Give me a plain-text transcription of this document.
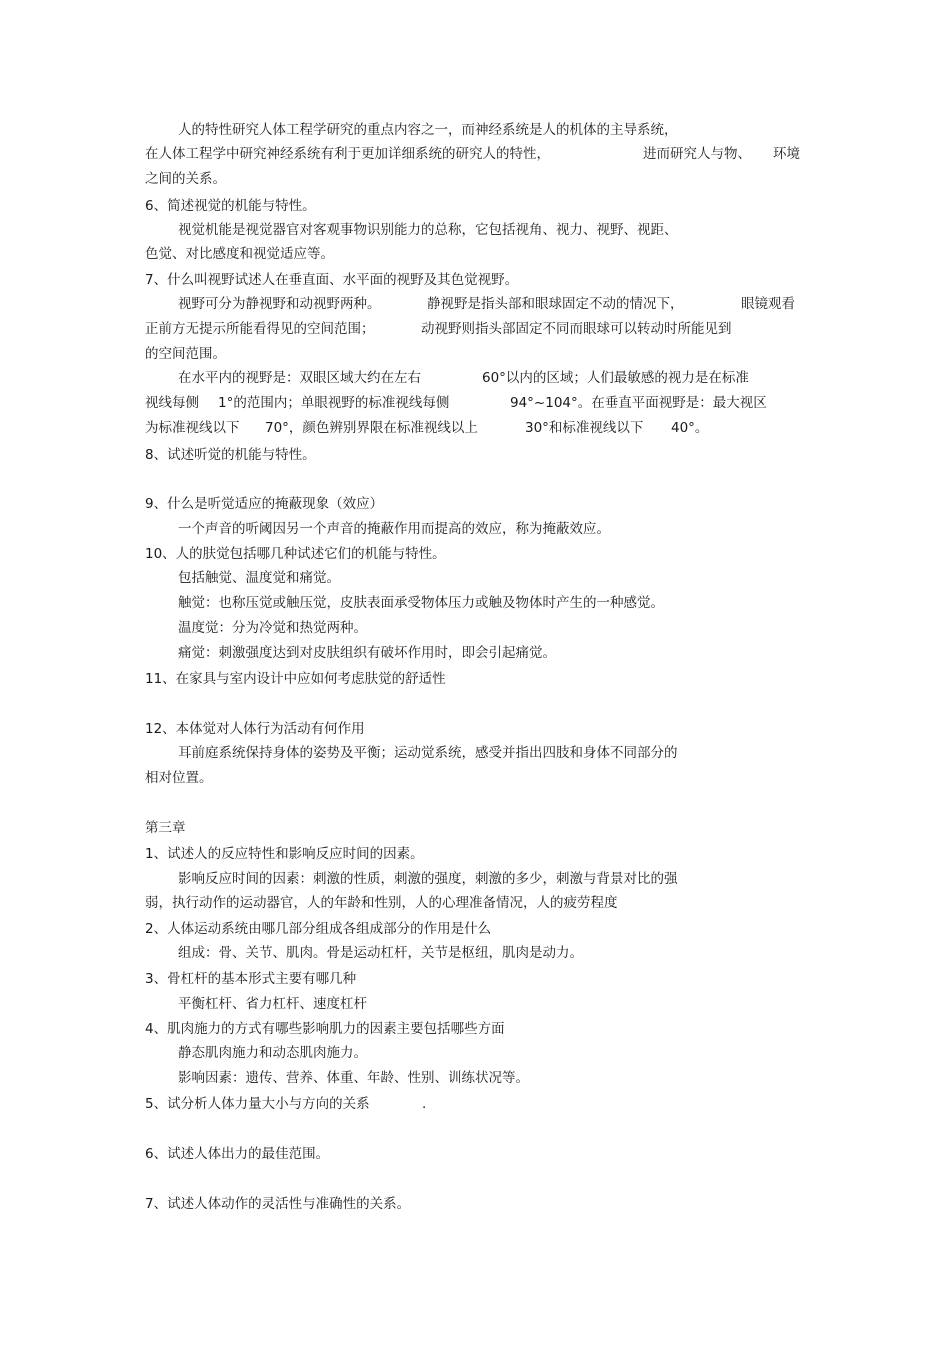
人的特性研究人体工程学研究的重点内容之一，而神经系统是人的机体的主导系统，
在人体工程学中研究神经系统有利于更加详细系统的研究人的特性，	进而研究人与物、 环境
之间的关系。
6、简述视觉的机能与特性。
视觉机能是视觉器官对客观事物识别能力的总称，它包括视角、视力、视野、视距、
色觉、对比感度和视觉适应等。
7、什么叫视野试述人在垂直面、水平面的视野及其色觉视野。
视野可分为静视野和动视野两种。	静视野是指头部和眼球固定不动的情况下，	眼镜观看
正前方无提示所能看得见的空间范围；	动视野则指头部固定不同而眼球可以转动时所能见到
的空间范围。
在水平内的视野是：双眼区域大约在左右	60°以内的区域；人们最敏感的视力是在标准
视线每侧 1°的范围内；单眼视野的标准视线每侧	94°~104°。在垂直平面视野是：最大视区
为标准视线以下 70°，颜色辨别界限在标准视线以上	30°和标准视线以下 40°。
8、试述听觉的机能与特性。
9、什么是听觉适应的掩蔽现象（效应）
一个声音的听阈因另一个声音的掩蔽作用而提高的效应，称为掩蔽效应。
10、人的肤觉包括哪几种试述它们的机能与特性。
包括触觉、温度觉和痛觉。
触觉：也称压觉或触压觉，皮肤表面承受物体压力或触及物体时产生的一种感觉。
温度觉：分为冷觉和热觉两种。
痛觉：刺激强度达到对皮肤组织有破坏作用时，即会引起痛觉。
11、在家具与室内设计中应如何考虑肤觉的舒适性
12、本体觉对人体行为活动有何作用
耳前庭系统保持身体的姿势及平衡；运动觉系统，感受并指出四肢和身体不同部分的
相对位置。
第三章
1、试述人的反应特性和影响反应时间的因素。
影响反应时间的因素：刺激的性质，刺激的强度，刺激的多少，刺激与背景对比的强
弱，执行动作的运动器官，人的年龄和性别，人的心理准备情况，人的疲劳程度
2、人体运动系统由哪几部分组成各组成部分的作用是什么
组成：骨、关节、肌肉。骨是运动杠杆，关节是枢纽，肌肉是动力。
3、骨杠杆的基本形式主要有哪几种
平衡杠杆、省力杠杆、速度杠杆
4、肌肉施力的方式有哪些影响肌力的因素主要包括哪些方面
静态肌肉施力和动态肌肉施力。
影响因素：遗传、营养、体重、年龄、性别、训练状况等。
5、试分析人体力量大小与方向的关系	.
6、试述人体出力的最佳范围。
7、试述人体动作的灵活性与准确性的关系。
